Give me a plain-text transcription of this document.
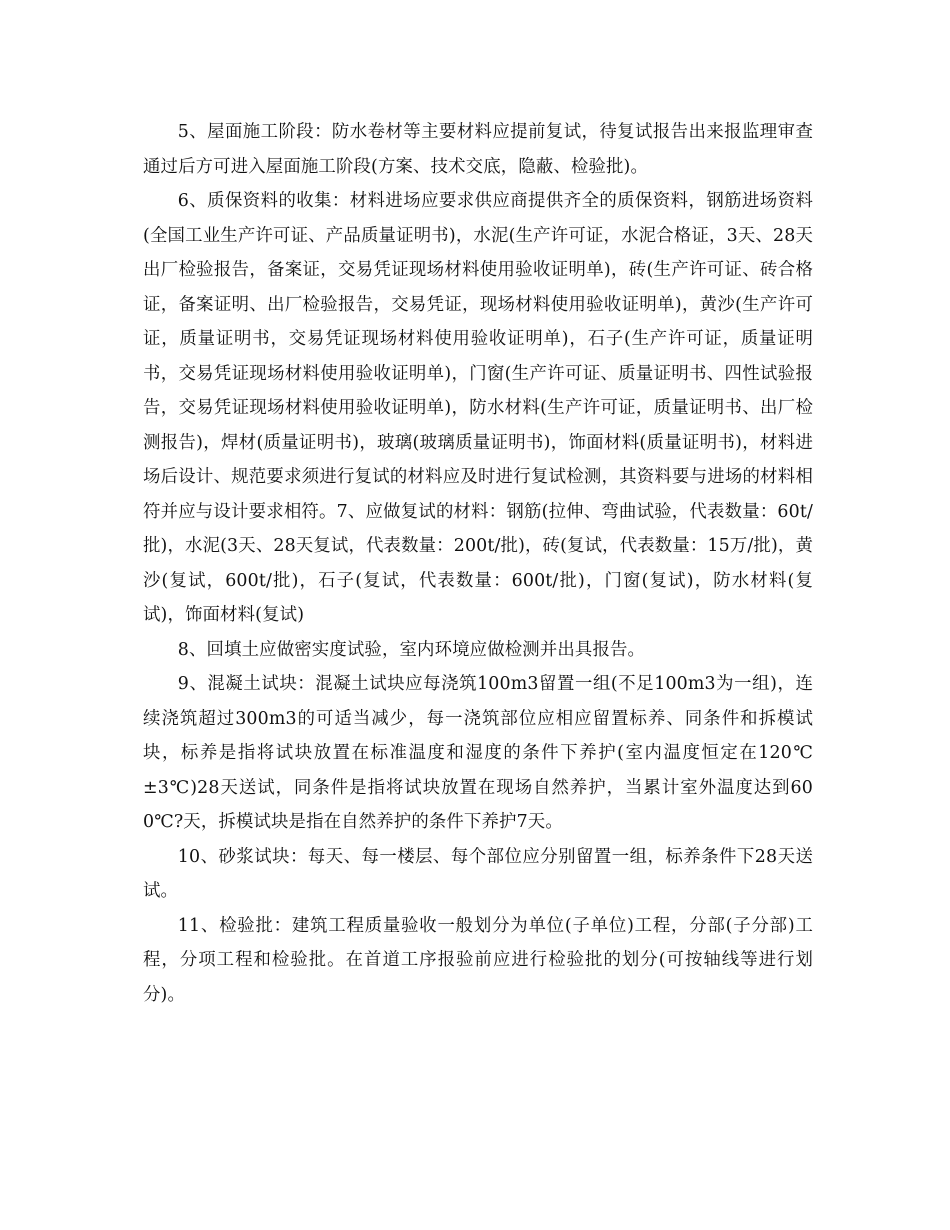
5、屋面施工阶段：防水卷材等主要材料应提前复试，待复试报告出来报监理审查通过后方可进入屋面施工阶段(方案、技术交底，隐蔽、检验批)。

6、质保资料的收集：材料进场应要求供应商提供齐全的质保资料，钢筋进场资料(全国工业生产许可证、产品质量证明书)，水泥(生产许可证，水泥合格证，3天、28天出厂检验报告，备案证，交易凭证现场材料使用验收证明单)，砖(生产许可证、砖合格证，备案证明、出厂检验报告，交易凭证，现场材料使用验收证明单)，黄沙(生产许可证，质量证明书，交易凭证现场材料使用验收证明单)，石子(生产许可证，质量证明书，交易凭证现场材料使用验收证明单)，门窗(生产许可证、质量证明书、四性试验报告，交易凭证现场材料使用验收证明单)，防水材料(生产许可证，质量证明书、出厂检测报告)，焊材(质量证明书)，玻璃(玻璃质量证明书)，饰面材料(质量证明书)，材料进场后设计、规范要求须进行复试的材料应及时进行复试检测，其资料要与进场的材料相符并应与设计要求相符。7、应做复试的材料：钢筋(拉伸、弯曲试验，代表数量：60t/批)，水泥(3天、28天复试，代表数量：200t/批)，砖(复试，代表数量：15万/批)，黄沙(复试，600t/批)，石子(复试，代表数量：600t/批)，门窗(复试)，防水材料(复试)，饰面材料(复试)

8、回填土应做密实度试验，室内环境应做检测并出具报告。

9、混凝土试块：混凝土试块应每浇筑100m3留置一组(不足100m3为一组)，连续浇筑超过300m3的可适当减少，每一浇筑部位应相应留置标养、同条件和拆模试块，标养是指将试块放置在标准温度和湿度的条件下养护(室内温度恒定在120℃±3℃)28天送试，同条件是指将试块放置在现场自然养护，当累计室外温度达到600℃?天，拆模试块是指在自然养护的条件下养护7天。

10、砂浆试块：每天、每一楼层、每个部位应分别留置一组，标养条件下28天送试。

11、检验批：建筑工程质量验收一般划分为单位(子单位)工程，分部(子分部)工程，分项工程和检验批。在首道工序报验前应进行检验批的划分(可按轴线等进行划分)。
